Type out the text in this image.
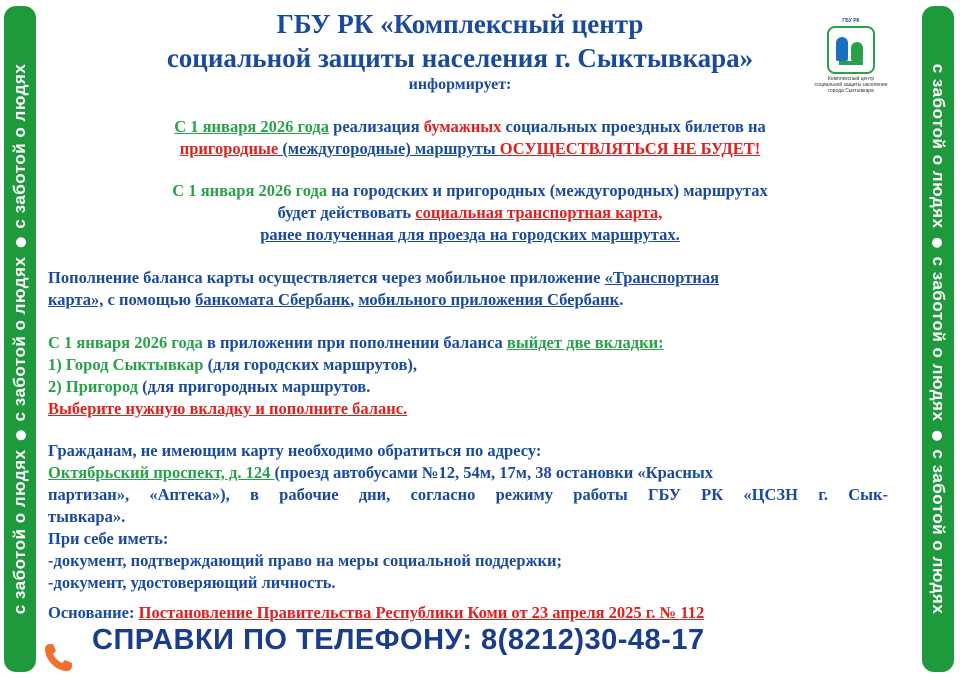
с заботой о людяхс заботой о людяхс заботой о людях	с заботой о людяхс заботой о людяхс заботой о людях
ГБУ РК «Комплексный центр
социальной защиты населения г. Сыктывкара»
информирует:
ГБУ РК
Комплексный центр
социальной защиты населения
города Сыктывкара
С 1 января 2026 года реализация бумажных социальных проездных билетов на
пригородные (междугородные) маршруты ОСУЩЕСТВЛЯТЬСЯ НЕ БУДЕТ!
С 1 января 2026 года на городских и пригородных (междугородных) маршрутах
будет действовать социальная транспортная карта,
ранее полученная для проезда на городских маршрутах.
Пополнение баланса карты осуществляется через мобильное приложение «Транспортная
карта», с помощью банкомата Сбербанк, мобильного приложения Сбербанк.
С 1 января 2026 года в приложении при пополнении баланса выйдет две вкладки:
1) Город Сыктывкар (для городских маршрутов),
2) Пригород (для пригородных маршрутов.
Выберите нужную вкладку и пополните баланс.
Гражданам, не имеющим карту необходимо обратиться по адресу:
Октябрьский проспект, д. 124 (проезд автобусами №12, 54м, 17м, 38 остановки «Красных
партизан», «Аптека»), в рабочие дни, согласно режиму работы ГБУ РК «ЦСЗН г. Сык-
тывкара».
При себе иметь:
-документ, подтверждающий право на меры социальной поддержки;
-документ, удостоверяющий личность.
Основание: Постановление Правительства Республики Коми от 23 апреля 2025 г. № 112
СПРАВКИ ПО ТЕЛЕФОНУ: 8(8212)30-48-17
